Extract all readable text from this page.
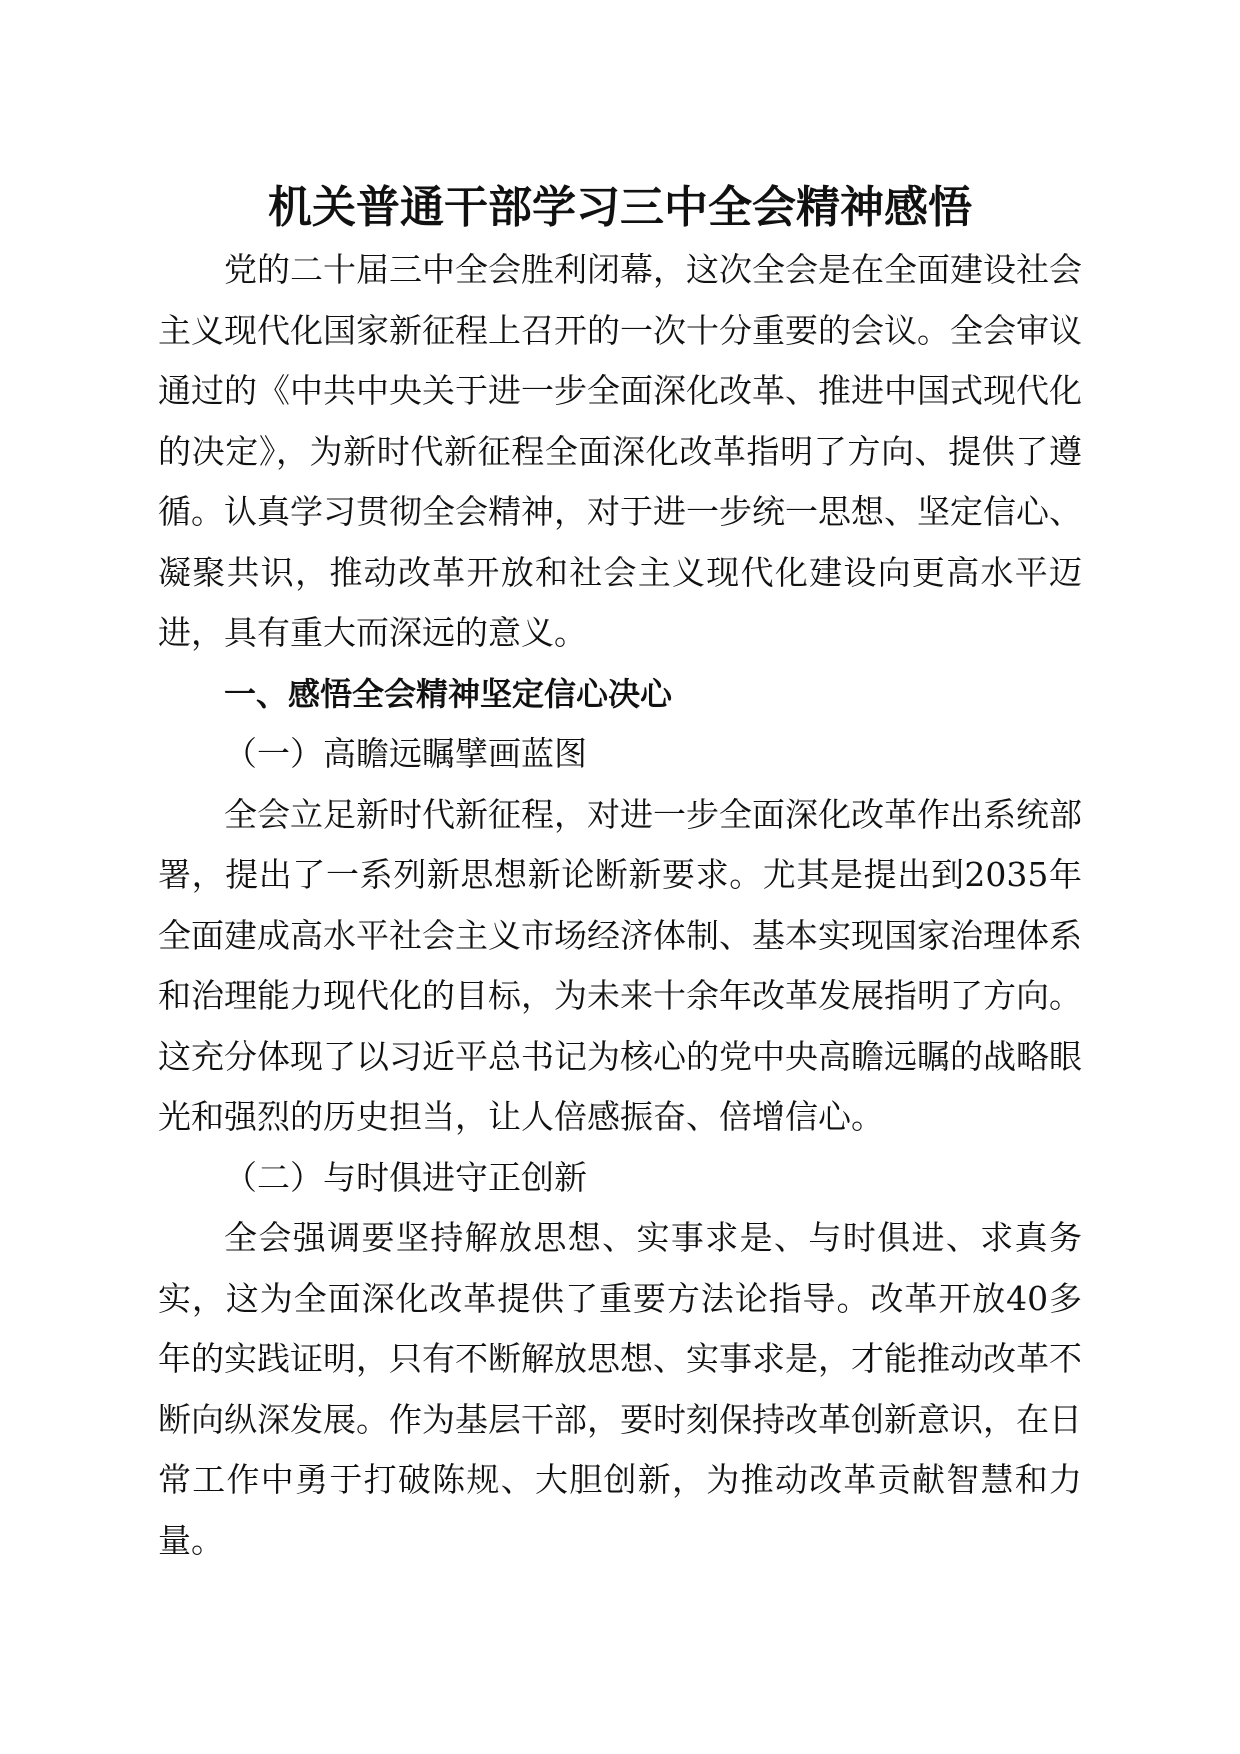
机关普通干部学习三中全会精神感悟

党的二十届三中全会胜利闭幕，这次全会是在全面建设社会主义现代化国家新征程上召开的一次十分重要的会议。全会审议通过的《中共中央关于进一步全面深化改革、推进中国式现代化的决定》，为新时代新征程全面深化改革指明了方向、提供了遵循。认真学习贯彻全会精神，对于进一步统一思想、坚定信心、凝聚共识，推动改革开放和社会主义现代化建设向更高水平迈进，具有重大而深远的意义。

一、感悟全会精神坚定信心决心

（一）高瞻远瞩擘画蓝图

全会立足新时代新征程，对进一步全面深化改革作出系统部署，提出了一系列新思想新论断新要求。尤其是提出到2035年全面建成高水平社会主义市场经济体制、基本实现国家治理体系和治理能力现代化的目标，为未来十余年改革发展指明了方向。这充分体现了以习近平总书记为核心的党中央高瞻远瞩的战略眼光和强烈的历史担当，让人倍感振奋、倍增信心。

（二）与时俱进守正创新

全会强调要坚持解放思想、实事求是、与时俱进、求真务实，这为全面深化改革提供了重要方法论指导。改革开放40多年的实践证明，只有不断解放思想、实事求是，才能推动改革不断向纵深发展。作为基层干部，要时刻保持改革创新意识，在日常工作中勇于打破陈规、大胆创新，为推动改革贡献智慧和力量。
